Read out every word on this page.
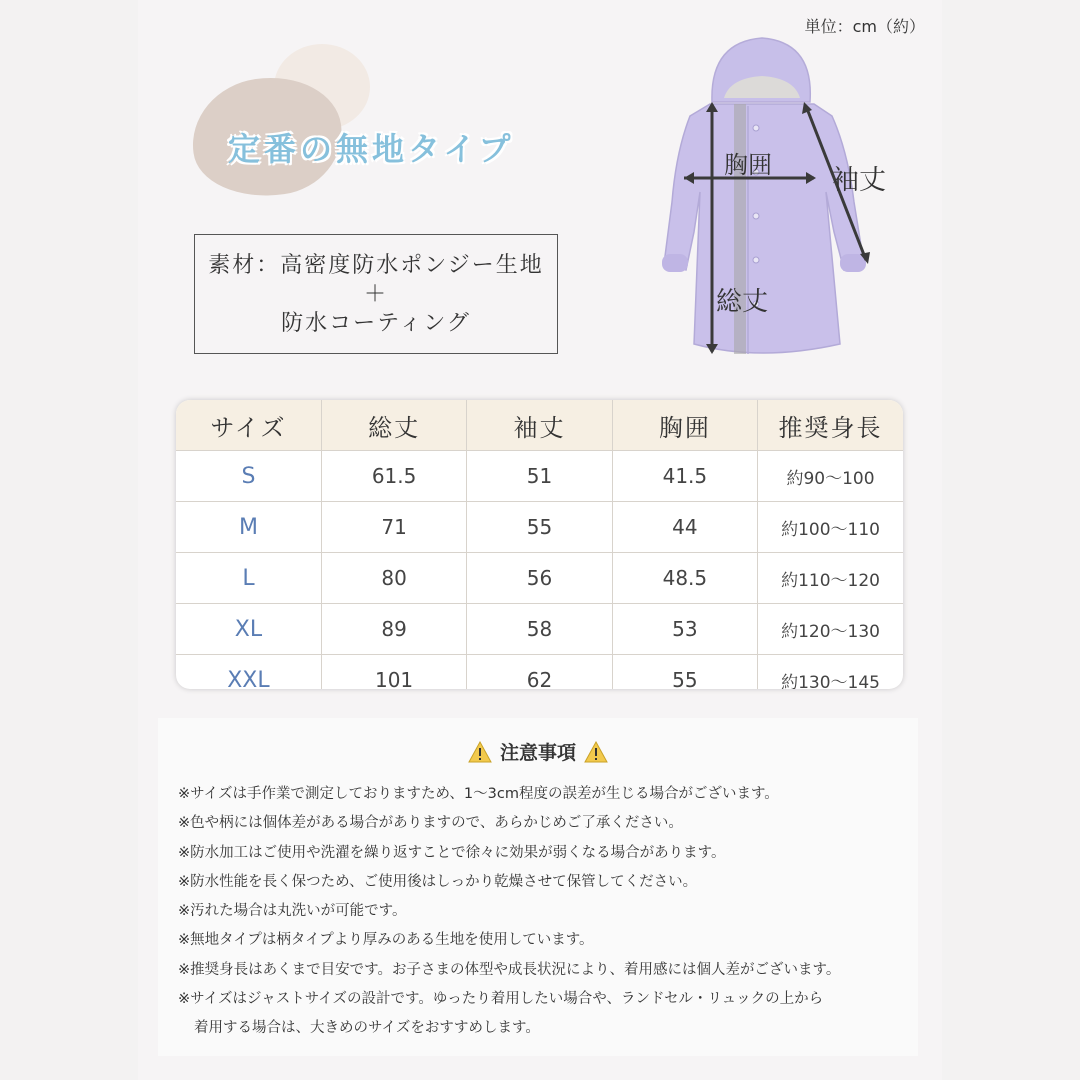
単位：cm（約）
定番の無地タイプ
素材：高密度防水ポンジー生地
＋
防水コーティング
胸囲 袖丈
総丈
サイズ	総丈	袖丈	胸囲	推奨身長
S	61.5	51	41.5	約90～100
M	71	55	44	約100～110
L	80	56	48.5	約110～120
XL	89	58	53	約120～130
XXL	101	62	55	約130～145
注意事項
※サイズは手作業で測定しておりますため、1～3cm程度の誤差が生じる場合がございます。
※色や柄には個体差がある場合がありますので、あらかじめご了承ください。
※防水加工はご使用や洗濯を繰り返すことで徐々に効果が弱くなる場合があります。
※防水性能を長く保つため、ご使用後はしっかり乾燥させて保管してください。
※汚れた場合は丸洗いが可能です。
※無地タイプは柄タイプより厚みのある生地を使用しています。
※推奨身長はあくまで目安です。お子さまの体型や成長状況により、着用感には個人差がございます。
※サイズはジャストサイズの設計です。ゆったり着用したい場合や、ランドセル・リュックの上から
着用する場合は、大きめのサイズをおすすめします。
